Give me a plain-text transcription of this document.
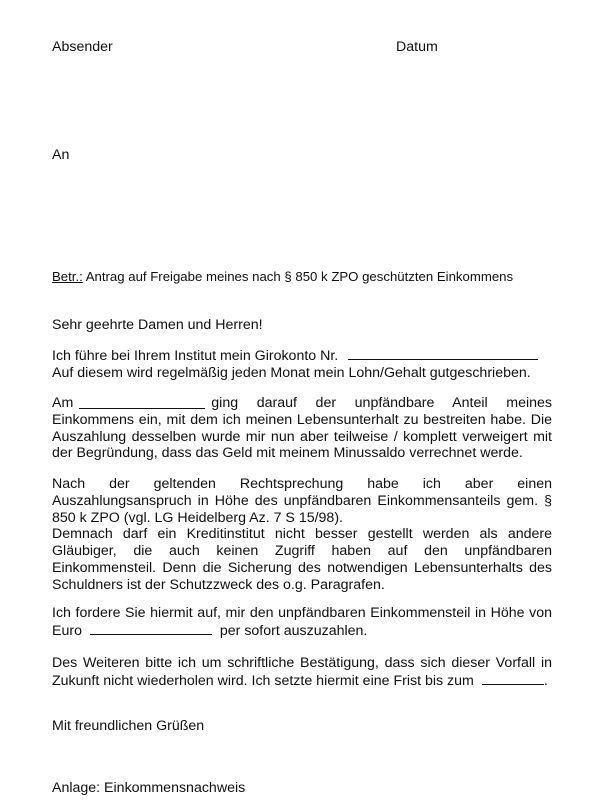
Absender	Datum
An
Betr.: Antrag auf Freigabe meines nach § 850 k ZPO geschützten Einkommens
Sehr geehrte Damen und Herren!
Ich führe bei Ihrem Institut mein Girokonto Nr.
Auf diesem wird regelmäßig jeden Monat mein Lohn/Gehalt gutgeschrieben.
Am	ging darauf der unpfändbare Anteil meines
Einkommens ein, mit dem ich meinen Lebensunterhalt zu bestreiten habe. Die
Auszahlung desselben wurde mir nun aber teilweise / komplett verweigert mit
der Begründung, dass das Geld mit meinem Minussaldo verrechnet werde.
Nach der geltenden Rechtsprechung habe ich aber einen
Auszahlungsanspruch in Höhe des unpfändbaren Einkommensanteils gem. §
850 k ZPO (vgl. LG Heidelberg Az. 7 S 15/98).
Demnach darf ein Kreditinstitut nicht besser gestellt werden als andere
Gläubiger, die auch keinen Zugriff haben auf den unpfändbaren
Einkommensteil. Denn die Sicherung des notwendigen Lebensunterhalts des
Schuldners ist der Schutzzweck des o.g. Paragrafen.
Ich fordere Sie hiermit auf, mir den unpfändbaren Einkommensteil in Höhe von
Euro	per sofort auszuzahlen.
Des Weiteren bitte ich um schriftliche Bestätigung, dass sich dieser Vorfall in
Zukunft nicht wiederholen wird. Ich setzte hiermit eine Frist bis zum	.
Mit freundlichen Grüßen
Anlage: Einkommensnachweis
